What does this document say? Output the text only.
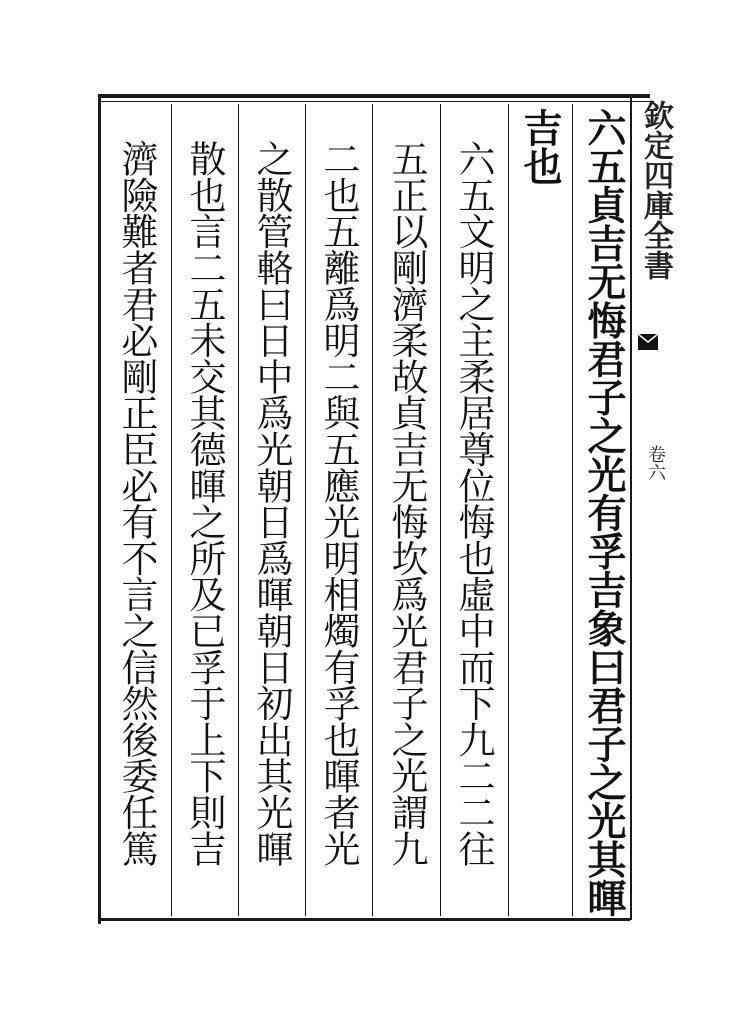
欽定四庫全書
卷六
六五貞吉无悔君子之光有孚吉象曰君子之光其暉
吉也
六五文明之主柔居尊位悔也虛中而下九二二往
五正以剛濟柔故貞吉无悔坎爲光君子之光謂九
二也五離爲明二與五應光明相燭有孚也暉者光
之散管輅曰日中爲光朝日爲暉朝日初出其光暉
散也言二五未交其德暉之所及已孚于上下則吉
濟險難者君必剛正臣必有不言之信然後委任篤
